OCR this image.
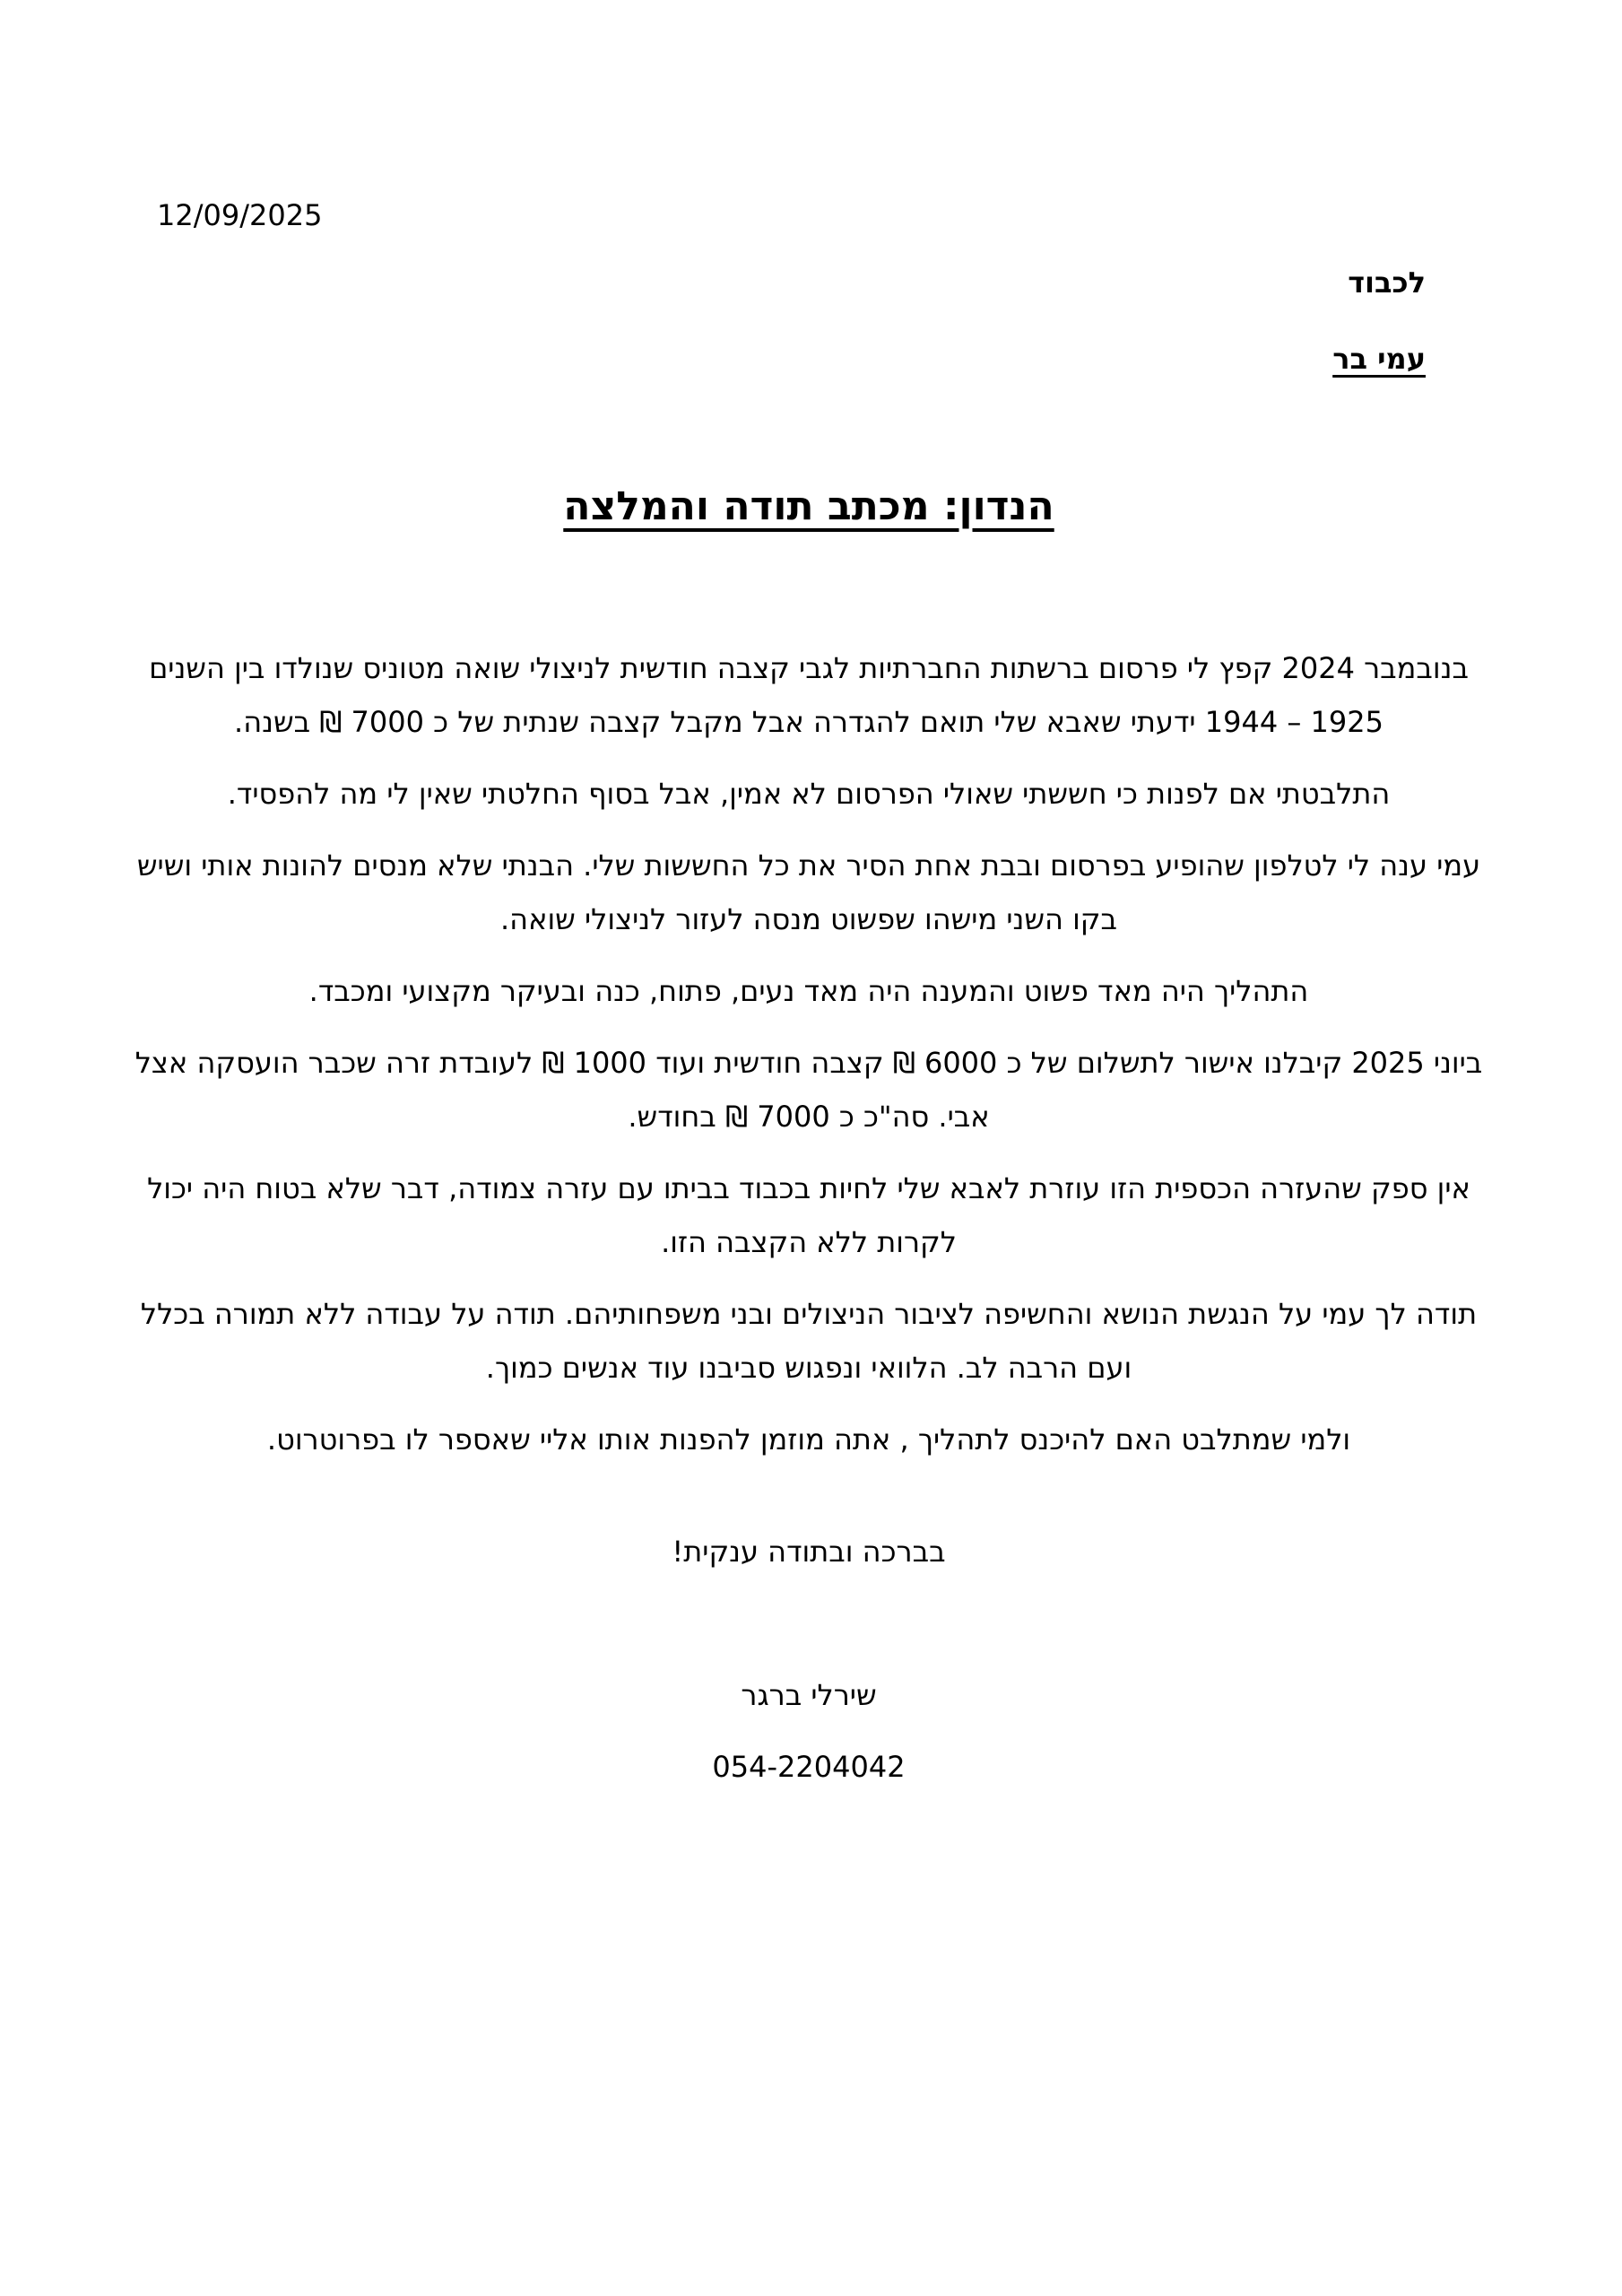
12/09/2025
לכבוד
עמי בר
הנדון: מכתב תודה והמלצה

בנובמבר 2024 קפץ לי פרסום ברשתות החברתיות לגבי קצבה חודשית לניצולי שואה מטוניס שנולדו בין השנים 1925 – 1944 ידעתי שאבא שלי תואם להגדרה אבל מקבל קצבה שנתית של כ 7000 ₪ בשנה.

התלבטתי אם לפנות כי חששתי שאולי הפרסום לא אמין, אבל בסוף החלטתי שאין לי מה להפסיד.

עמי ענה לי לטלפון שהופיע בפרסום ובבת אחת הסיר את כל החששות שלי. הבנתי שלא מנסים להונות אותי ושיש בקו השני מישהו שפשוט מנסה לעזור לניצולי שואה.

התהליך היה מאד פשוט והמענה היה מאד נעים, פתוח, כנה ובעיקר מקצועי ומכבד.

ביוני 2025 קיבלנו אישור לתשלום של כ 6000 ₪ קצבה חודשית ועוד 1000 ₪ לעובדת זרה שכבר הועסקה אצל אבי. סה"כ כ 7000 ₪ בחודש.

אין ספק שהעזרה הכספית הזו עוזרת לאבא שלי לחיות בכבוד בביתו עם עזרה צמודה, דבר שלא בטוח היה יכול לקרות ללא הקצבה הזו.

תודה לך עמי על הנגשת הנושא והחשיפה לציבור הניצולים ובני משפחותיהם. תודה על עבודה ללא תמורה בכלל ועם הרבה לב. הלוואי ונפגוש סביבנו עוד אנשים כמוך.

ולמי שמתלבט האם להיכנס לתהליך , אתה מוזמן להפנות אותו אליי שאספר לו בפרוטרוט.

בברכה ובתודה ענקית!
שירלי ברגר
054-2204042
